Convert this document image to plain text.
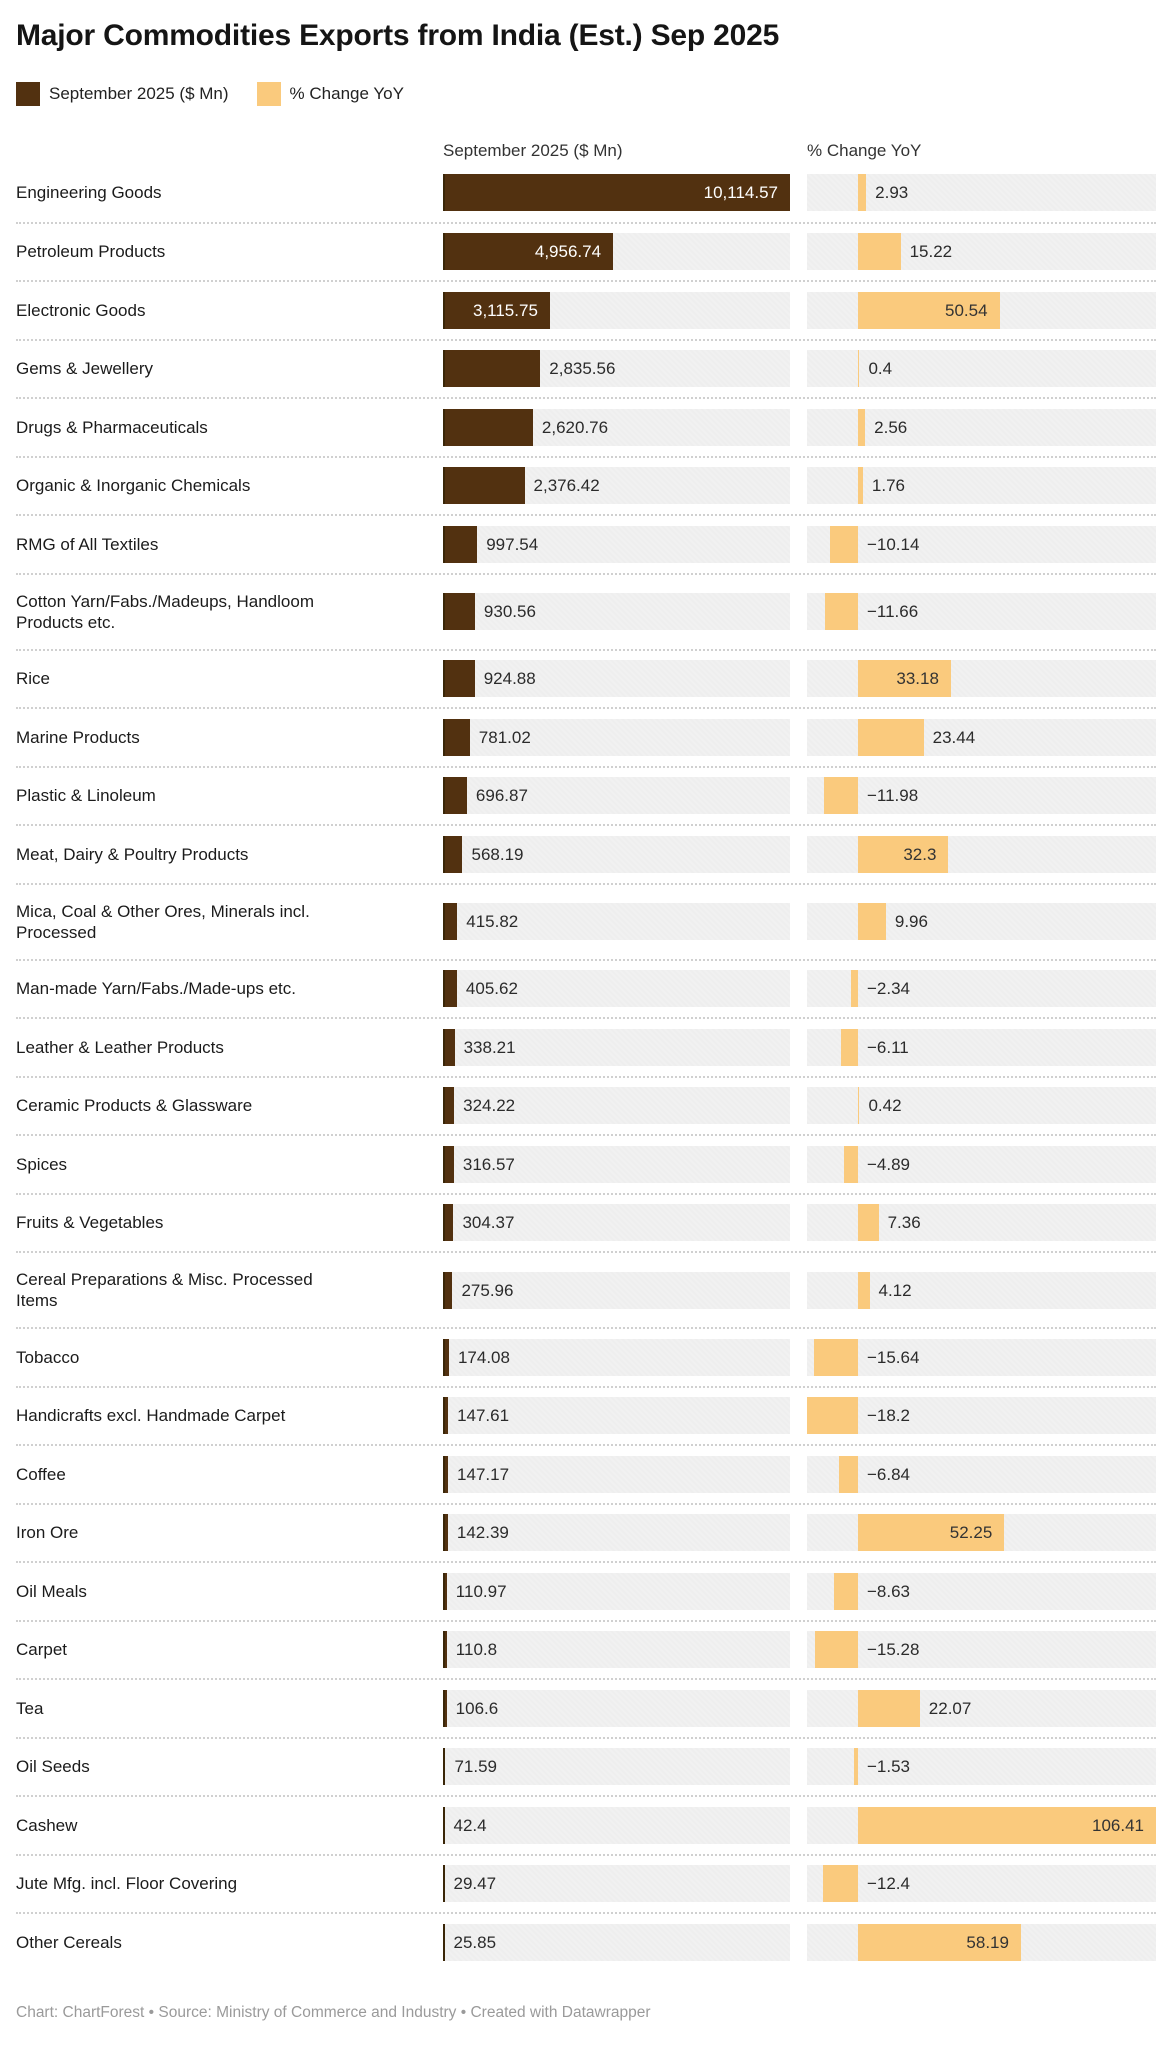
Major Commodities Exports from India (Est.) Sep 2025
September 2025 ($ Mn)	% Change YoY
September 2025 ($ Mn)	% Change YoY
Engineering Goods	10,114.57	2.93
Petroleum Products	4,956.74	15.22
Electronic Goods	3,115.75	50.54
Gems & Jewellery	2,835.56	0.4
Drugs & Pharmaceuticals	2,620.76	2.56
Organic & Inorganic Chemicals	2,376.42	1.76
RMG of All Textiles	997.54	−10.14
Cotton Yarn/Fabs./Madeups, Handloom Products etc.
930.56	−11.66
Rice	924.88	33.18
Marine Products	781.02	23.44
Plastic & Linoleum	696.87	−11.98
Meat, Dairy & Poultry Products	568.19	32.3
Mica, Coal & Other Ores, Minerals incl. Processed
415.82	9.96
Man-made Yarn/Fabs./Made-ups etc.	405.62	−2.34
Leather & Leather Products	338.21	−6.11
Ceramic Products & Glassware	324.22	0.42
Spices	316.57	−4.89
Fruits & Vegetables	304.37	7.36
Cereal Preparations & Misc. Processed Items
275.96	4.12
Tobacco	174.08	−15.64
Handicrafts excl. Handmade Carpet	147.61	−18.2
Coffee	147.17	−6.84
Iron Ore	142.39	52.25
Oil Meals	110.97	−8.63
Carpet	110.8	−15.28
Tea	106.6	22.07
Oil Seeds	71.59	−1.53
Cashew	42.4	106.41
Jute Mfg. incl. Floor Covering	29.47	−12.4
Other Cereals	25.85	58.19
Chart: ChartForest • Source: Ministry of Commerce and Industry • Created with Datawrapper
